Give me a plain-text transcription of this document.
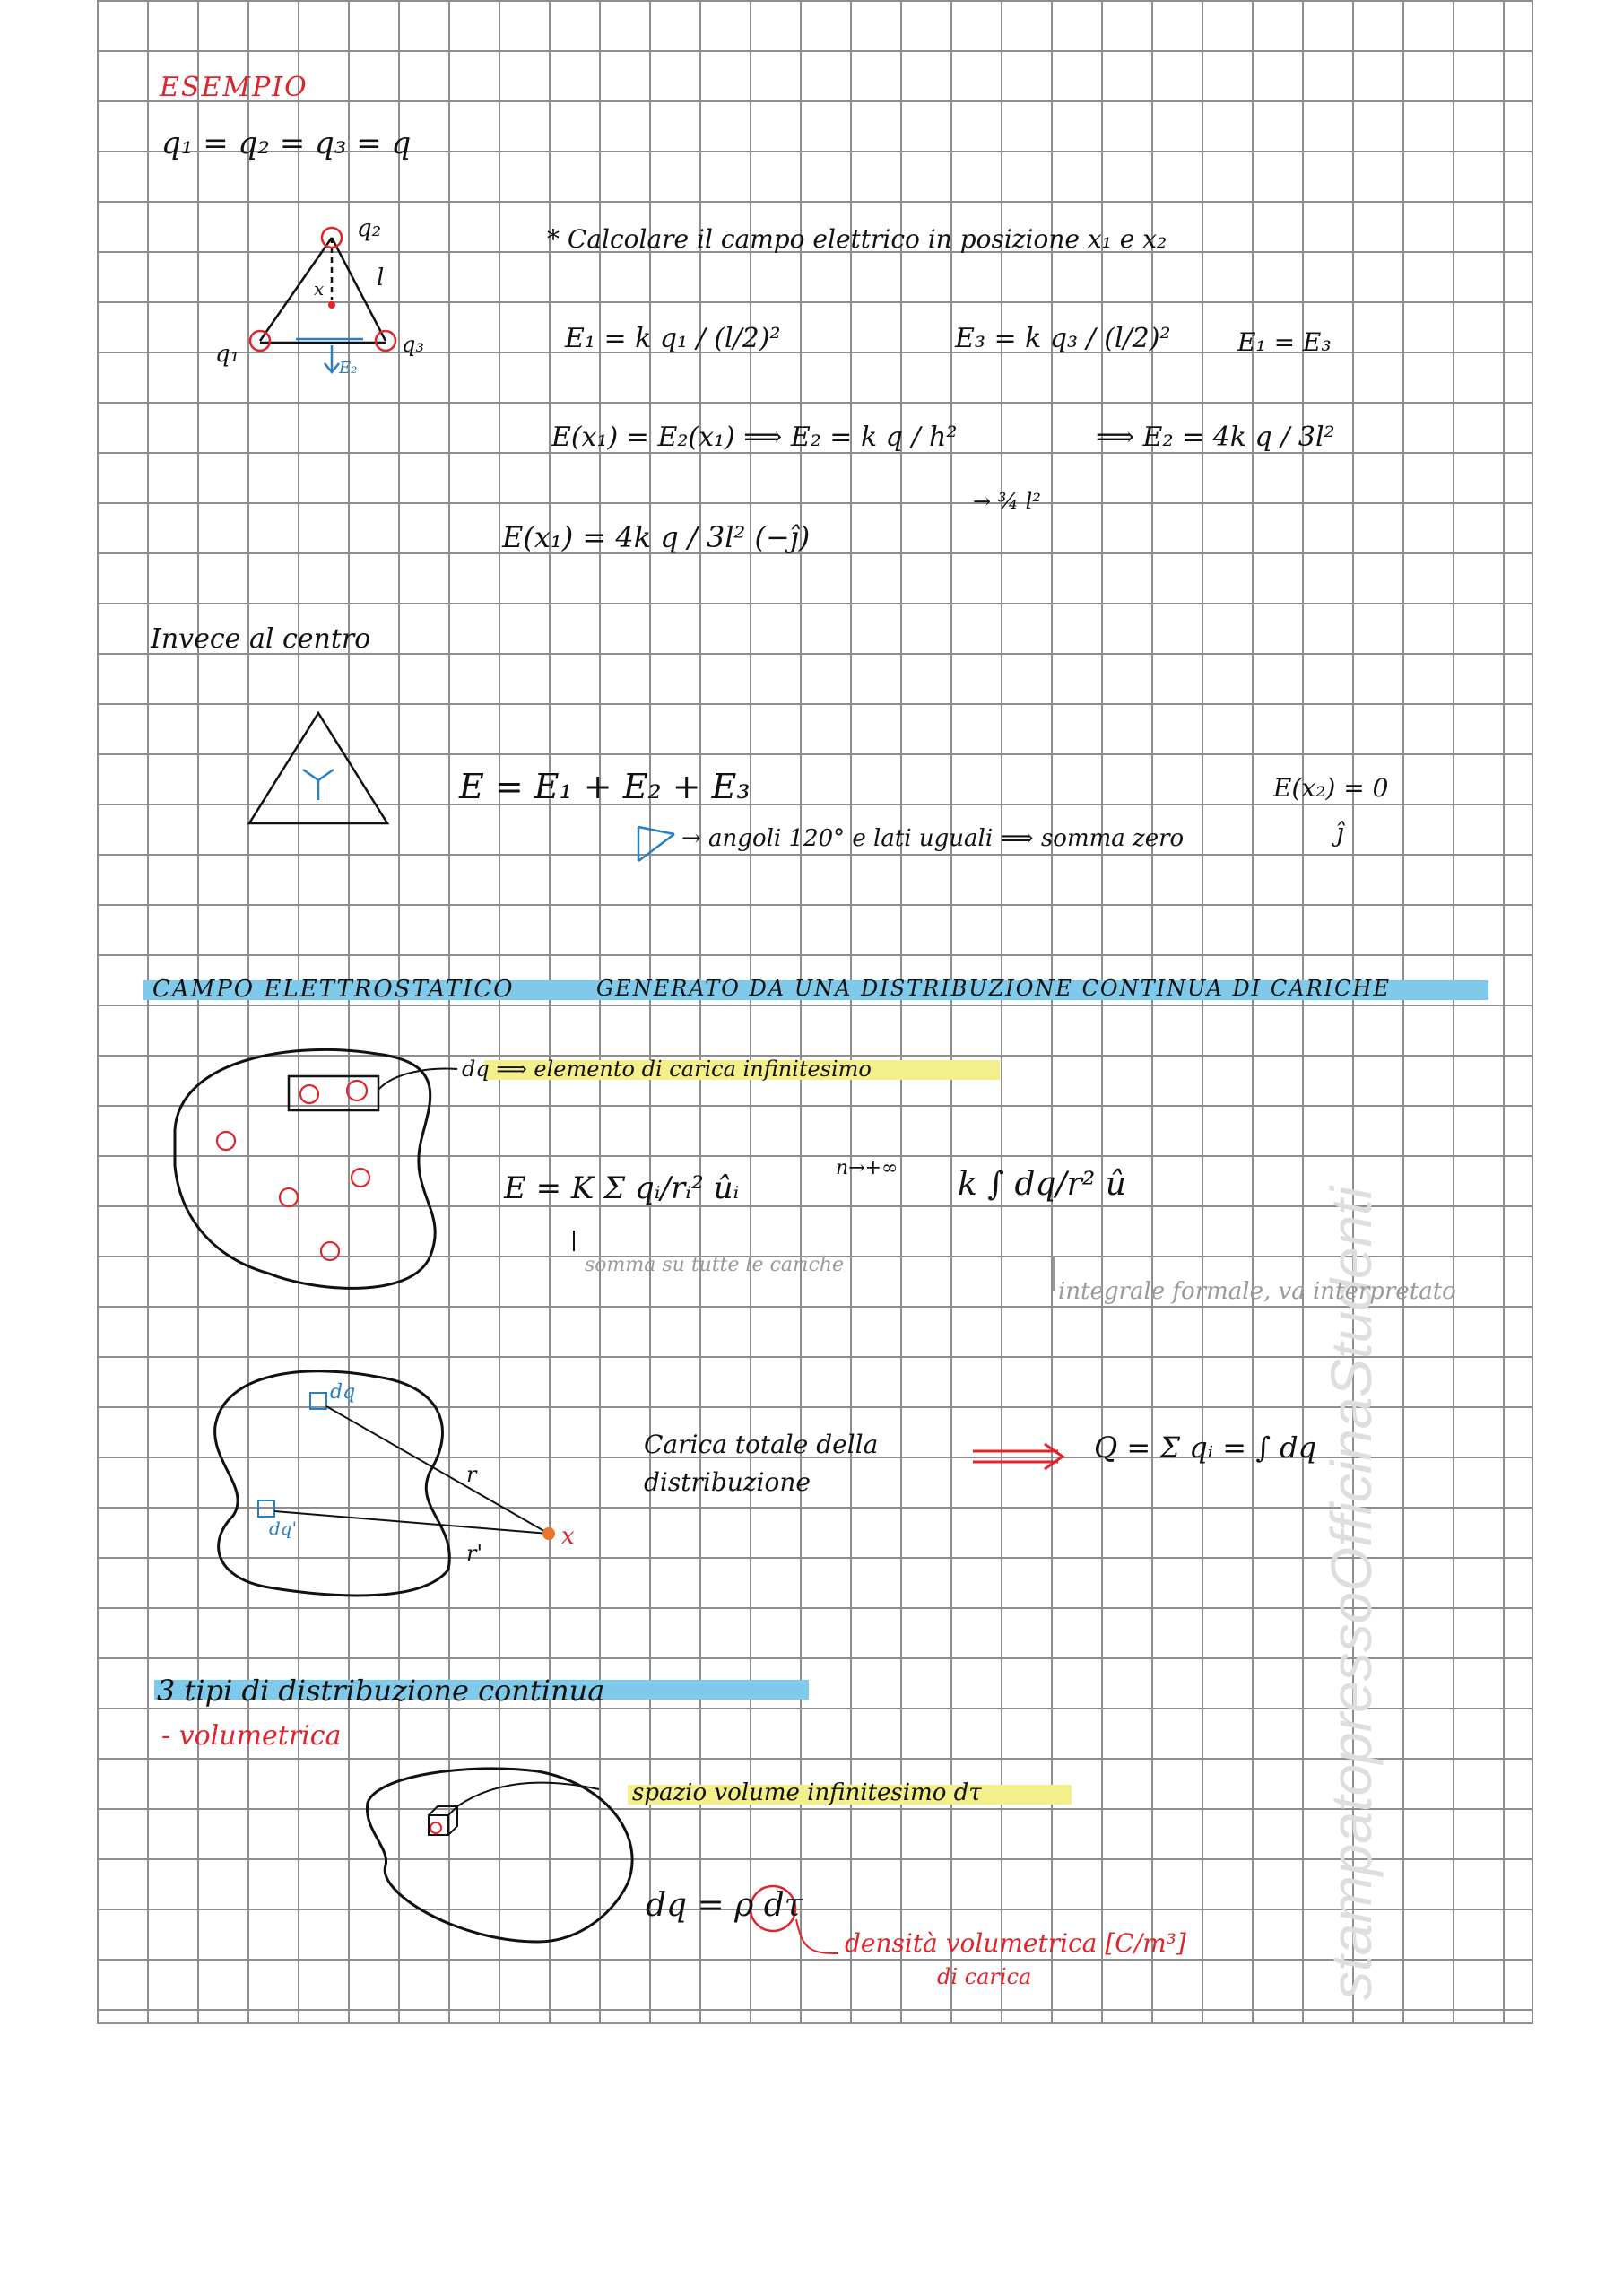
stampatopressoOfficinaStudenti
ESEMPIO
q₁ = q₂ = q₃ = q
q₂
q₁	q₃
l
x
E₂
* Calcolare il campo elettrico in posizione x₁ e x₂
E₁ = k q₁ / (l/2)²	E₃ = k q₃ / (l/2)²	E₁ = E₃
E(x₁) = E₂(x₁) ⟹ E₂ = k q / h²
→ ¾ l²
⟹ E₂ = 4k q / 3l²
E(x₁) = 4k q / 3l² (−ĵ)
Invece al centro
E = E₁ + E₂ + E₃	E(x₂) = 0
→ angoli 120° e lati uguali ⟹ somma zero	ĵ
CAMPO ELETTROSTATICO	GENERATO DA UNA DISTRIBUZIONE CONTINUA DI CARICHE
dq ⟹ elemento di carica infinitesimo
E = K Σ qᵢ/rᵢ² ûᵢ
n→+∞ k ∫ dq/r² û
somma su tutte le cariche
integrale formale, va interpretato
dq
dq'
r
r'
x
Carica totale della distribuzione
Q = Σ qᵢ = ∫ dq
3 tipi di distribuzione continua
- volumetrica
spazio volume infinitesimo dτ
dq = ρ dτ
densità volumetrica [C/m³]
di carica
